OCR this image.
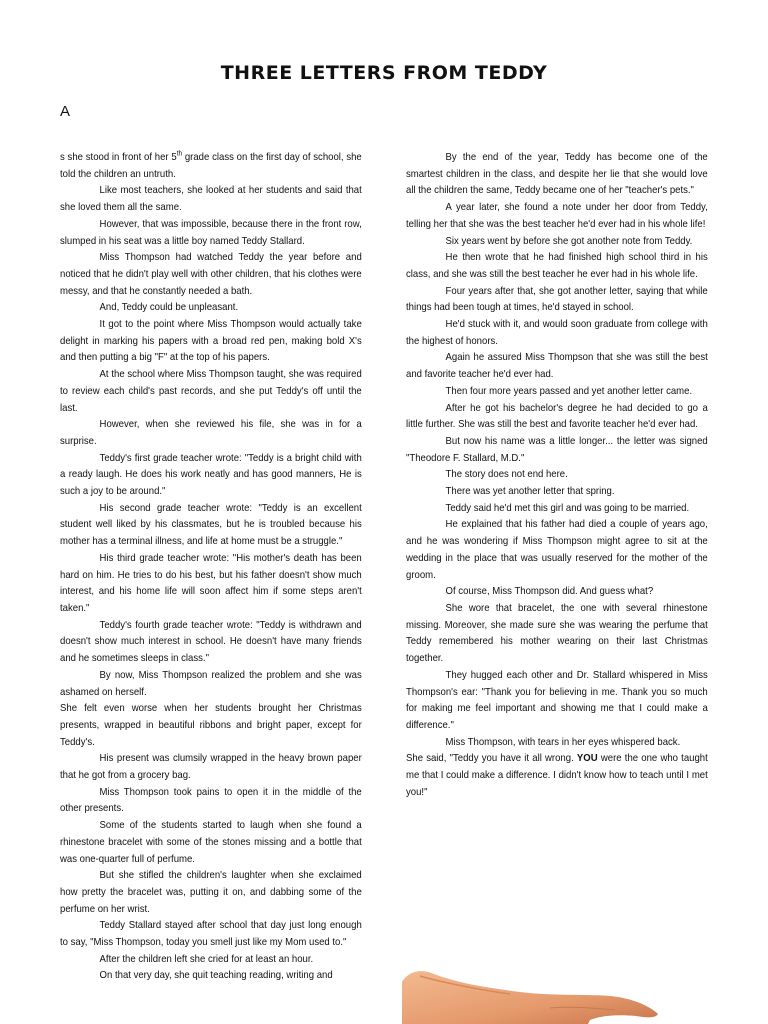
THREE LETTERS FROM TEDDY
A

s she stood in front of her 5th grade class on the first day of school, she told the children an untruth.

Like most teachers, she looked at her students and said that she loved them all the same.

However, that was impossible, because there in the front row, slumped in his seat was a little boy named Teddy Stallard.

Miss Thompson had watched Teddy the year before and noticed that he didn't play well with other children, that his clothes were messy, and that he constantly needed a bath.

And, Teddy could be unpleasant.

It got to the point where Miss Thompson would actually take delight in marking his papers with a broad red pen, making bold X's and then putting a big "F" at the top of his papers.

At the school where Miss Thompson taught, she was required to review each child's past records, and she put Teddy's off until the last.

However, when she reviewed his file, she was in for a surprise.

Teddy's first grade teacher wrote: "Teddy is a bright child with a ready laugh. He does his work neatly and has good manners, He is such a joy to be around."

His second grade teacher wrote: "Teddy is an excellent student well liked by his classmates, but he is troubled because his mother has a terminal illness, and life at home must be a struggle."

His third grade teacher wrote: "His mother's death has been hard on him. He tries to do his best, but his father doesn't show much interest, and his home life will soon affect him if some steps aren't taken."

Teddy's fourth grade teacher wrote: "Teddy is withdrawn and doesn't show much interest in school. He doesn't have many friends and he sometimes sleeps in class."

By now, Miss Thompson realized the problem and she was ashamed on herself.

She felt even worse when her students brought her Christmas presents, wrapped in beautiful ribbons and bright paper, except for Teddy's.

His present was clumsily wrapped in the heavy brown paper that he got from a grocery bag.

Miss Thompson took pains to open it in the middle of the other presents.

Some of the students started to laugh when she found a rhinestone bracelet with some of the stones missing and a bottle that was one-quarter full of perfume.

But she stifled the children's laughter when she exclaimed how pretty the bracelet was, putting it on, and dabbing some of the perfume on her wrist.

Teddy Stallard stayed after school that day just long enough to say, "Miss Thompson, today you smell just like my Mom used to."

After the children left she cried for at least an hour.

On that very day, she quit teaching reading, writing and

By the end of the year, Teddy has become one of the smartest children in the class, and despite her lie that she would love all the children the same, Teddy became one of her "teacher's pets."

A year later, she found a note under her door from Teddy, telling her that she was the best teacher he'd ever had in his whole life!

Six years went by before she got another note from Teddy.

He then wrote that he had finished high school third in his class, and she was still the best teacher he ever had in his whole life.

Four years after that, she got another letter, saying that while things had been tough at times, he'd stayed in school.

He'd stuck with it, and would soon graduate from college with the highest of honors.

Again he assured Miss Thompson that she was still the best and favorite teacher he'd ever had.

Then four more years passed and yet another letter came.

After he got his bachelor's degree he had decided to go a little further. She was still the best and favorite teacher he'd ever had.

But now his name was a little longer... the letter was signed "Theodore F. Stallard, M.D."

The story does not end here.

There was yet another letter that spring.

Teddy said he'd met this girl and was going to be married.

He explained that his father had died a couple of years ago, and he was wondering if Miss Thompson might agree to sit at the wedding in the place that was usually reserved for the mother of the groom.

Of course, Miss Thompson did. And guess what?

She wore that bracelet, the one with several rhinestone missing. Moreover, she made sure she was wearing the perfume that Teddy remembered his mother wearing on their last Christmas together.

They hugged each other and Dr. Stallard whispered in Miss Thompson's ear: "Thank you for believing in me. Thank you so much for making me feel important and showing me that I could make a difference."

Miss Thompson, with tears in her eyes whispered back.

She said, "Teddy you have it all wrong. YOU were the one who taught me that I could make a difference. I didn't know how to teach until I met you!"
